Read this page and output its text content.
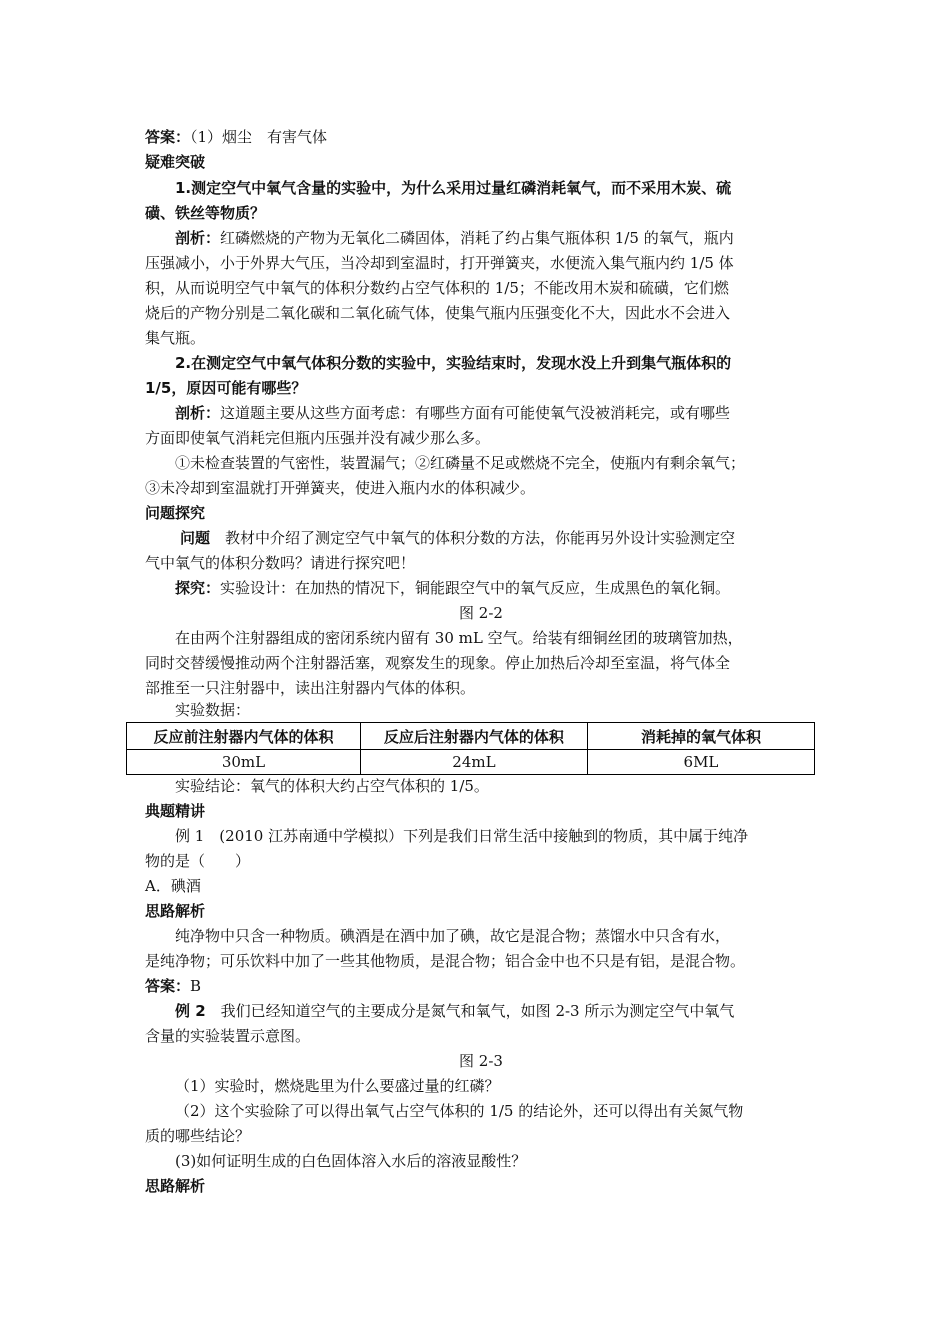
答案：（1）烟尘　有害气体
疑难突破
1.测定空气中氧气含量的实验中，为什么采用过量红磷消耗氧气，而不采用木炭、硫
磺、铁丝等物质？
剖析：红磷燃烧的产物为无氧化二磷固体，消耗了约占集气瓶体积 1/5 的氧气，瓶内
压强减小，小于外界大气压，当冷却到室温时，打开弹簧夹，水便流入集气瓶内约 1/5 体
积，从而说明空气中氧气的体积分数约占空气体积的 1/5；不能改用木炭和硫磺，它们燃
烧后的产物分别是二氧化碳和二氧化硫气体，使集气瓶内压强变化不大，因此水不会进入
集气瓶。
2.在测定空气中氧气体积分数的实验中，实验结束时，发现水没上升到集气瓶体积的
1/5，原因可能有哪些？
剖析：这道题主要从这些方面考虑：有哪些方面有可能使氧气没被消耗完，或有哪些
方面即使氧气消耗完但瓶内压强并没有减少那么多。
①未检查装置的气密性，装置漏气；②红磷量不足或燃烧不完全，使瓶内有剩余氧气；
③未冷却到室温就打开弹簧夹，使进入瓶内水的体积减少。
问题探究
问题　教材中介绍了测定空气中氧气的体积分数的方法，你能再另外设计实验测定空
气中氧气的体积分数吗？请进行探究吧！
探究：实验设计：在加热的情况下，铜能跟空气中的氧气反应，生成黑色的氧化铜。
图 2-2
在由两个注射器组成的密闭系统内留有 30 mL 空气。给装有细铜丝团的玻璃管加热，
同时交替缓慢推动两个注射器活塞，观察发生的现象。停止加热后冷却至室温，将气体全
部推至一只注射器中，读出注射器内气体的体积。
实验数据：
反应前注射器内气体的体积	反应后注射器内气体的体积	消耗掉的氧气体积
30mL	24mL	6ML
实验结论：氧气的体积大约占空气体积的 1/5。
典题精讲
例 1　(2010 江苏南通中学模拟）下列是我们日常生活中接触到的物质，其中属于纯净
物的是（　　）
A．碘酒
思路解析
纯净物中只含一种物质。碘酒是在酒中加了碘，故它是混合物；蒸馏水中只含有水，
是纯净物；可乐饮料中加了一些其他物质，是混合物；铝合金中也不只是有铝，是混合物。
答案：B
例 2　我们已经知道空气的主要成分是氮气和氧气，如图 2-3 所示为测定空气中氧气
含量的实验装置示意图。
图 2-3
（1）实验时，燃烧匙里为什么要盛过量的红磷？
（2）这个实验除了可以得出氧气占空气体积的 1/5 的结论外，还可以得出有关氮气物
质的哪些结论？
(3)如何证明生成的白色固体溶入水后的溶液显酸性？
思路解析
